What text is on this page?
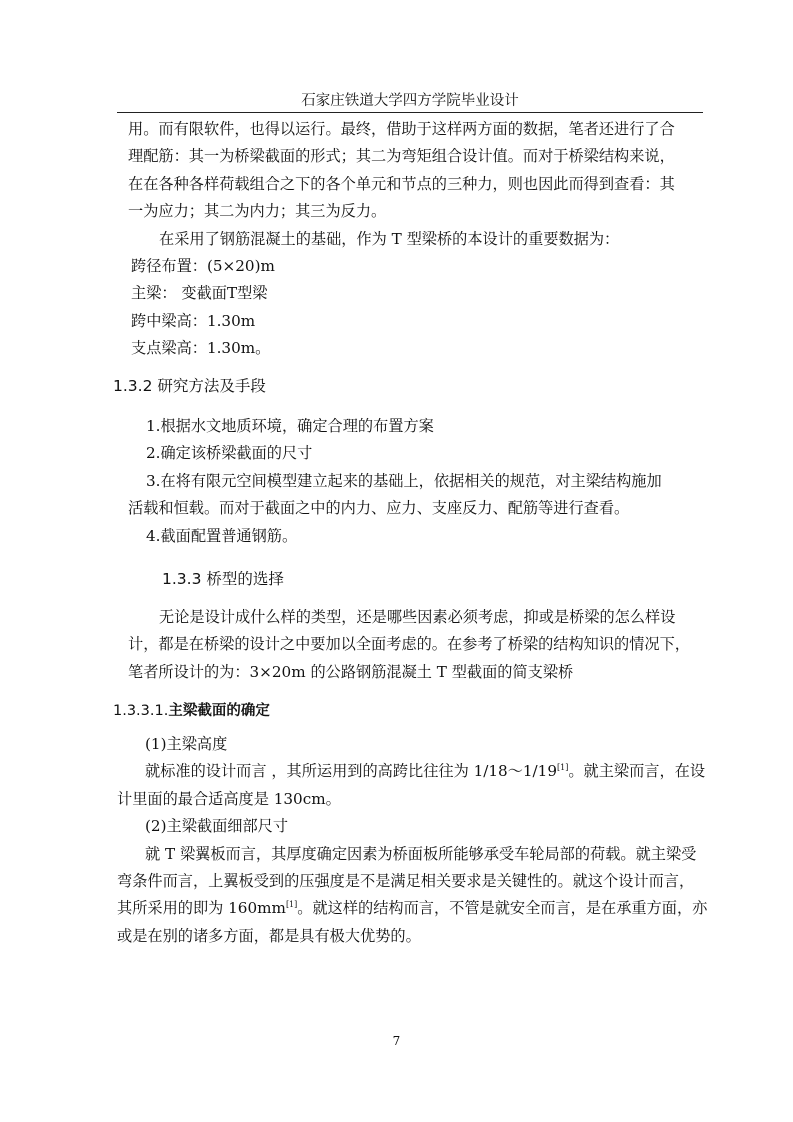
石家庄铁道大学四方学院毕业设计
用。而有限软件，也得以运行。最终，借助于这样两方面的数据，笔者还进行了合
理配筋：其一为桥梁截面的形式；其二为弯矩组合设计值。而对于桥梁结构来说，
在在各种各样荷载组合之下的各个单元和节点的三种力，则也因此而得到查看：其
一为应力；其二为内力；其三为反力。
在采用了钢筋混凝土的基础，作为 T 型梁桥的本设计的重要数据为：
跨径布置：(5×20)m
主梁： 变截面T型梁
跨中梁高：1.30m
支点梁高：1.30m。
1.3.2 研究方法及手段
1.根据水文地质环境，确定合理的布置方案
2.确定该桥梁截面的尺寸
3.在将有限元空间模型建立起来的基础上，依据相关的规范，对主梁结构施加
活载和恒载。而对于截面之中的内力、应力、支座反力、配筋等进行查看。
4.截面配置普通钢筋。
1.3.3 桥型的选择
无论是设计成什么样的类型，还是哪些因素必须考虑，抑或是桥梁的怎么样设
计，都是在桥梁的设计之中要加以全面考虑的。在参考了桥梁的结构知识的情况下，
笔者所设计的为：3×20m 的公路钢筋混凝土 T 型截面的简支梁桥
1.3.3.1.主梁截面的确定
(1)主梁高度
就标准的设计而言 ，其所运用到的高跨比往往为 1/18～1/19[1]。就主梁而言，在设
计里面的最合适高度是 130cm。
(2)主梁截面细部尺寸
就 T 梁翼板而言，其厚度确定因素为桥面板所能够承受车轮局部的荷载。就主梁受
弯条件而言，上翼板受到的压强度是不是满足相关要求是关键性的。就这个设计而言，
其所采用的即为 160mm[1]。就这样的结构而言，不管是就安全而言，是在承重方面，亦
或是在别的诸多方面，都是具有极大优势的。
7
